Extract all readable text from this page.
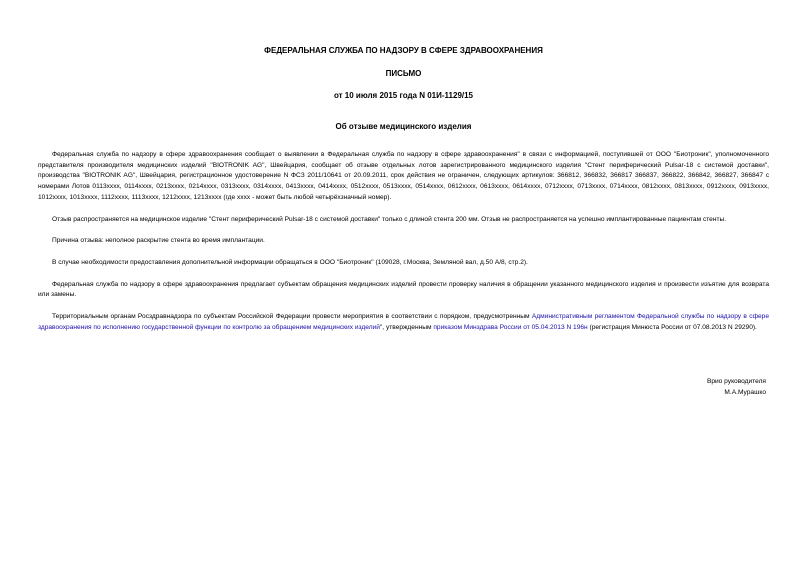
ФЕДЕРАЛЬНАЯ СЛУЖБА ПО НАДЗОРУ В СФЕРЕ ЗДРАВООХРАНЕНИЯ
ПИСЬМО
от 10 июля 2015 года N 01И-1129/15
Об отзыве медицинского изделия

Федеральная служба по надзору в сфере здравоохранения сообщает о выявлении в Федеральная служба по надзору в сфере здравоохранения" в связи с информацией, поступившей от ООО "Биотроник", уполномоченного представителя производителя медицинских изделий "BIOTRONIK AG", Швейцария, сообщает об отзыве отдельных лотов зарегистрированного медицинского изделия "Стент периферический Pulsar-18 с системой доставки", производства "BIOTRONIK AG", Швейцария, регистрационное удостоверение N ФСЗ 2011/10641 от 20.09.2011, срок действия не ограничен, следующих артикулов: 366812, 366832, 366817 366837, 366822, 366842, 366827, 366847 с номерами Лотов 0113xxxx, 0114xxxx, 0213xxxx, 0214xxxx, 0313xxxx, 0314xxxx, 0413xxxx, 0414xxxx, 0512xxxx, 0513xxxx, 0514xxxx, 0612xxxx, 0613xxxx, 0614xxxx, 0712xxxx, 0713xxxx, 0714xxxx, 0812xxxx, 0813xxxx, 0912xxxx, 0913xxxx, 1012xxxx, 1013xxxx, 1112xxxx, 1113xxxx, 1212xxxx, 1213xxxx (где xxxx - может быть любой четырёхзначный номер).

Отзыв распространяется на медицинское изделие "Стент периферический Pulsar-18 с системой доставки" только с длиной стента 200 мм. Отзыв не распространяется на успешно имплантированные пациентам стенты.

Причина отзыва: неполное раскрытие стента во время имплантации.

В случае необходимости предоставления дополнительной информации обращаться в ООО "Биотроник" (109028, г.Москва, Земляной вал, д.50 А/8, стр.2).

Федеральная служба по надзору в сфере здравоохранения предлагает субъектам обращения медицинских изделий провести проверку наличия в обращении указанного медицинского изделия и произвести изъятие для возврата или замены.

Территориальным органам Росздравнадзора по субъектам Российской Федерации провести мероприятия в соответствии с порядком, предусмотренным Административным регламентом Федеральной службы по надзору в сфере здравоохранения по исполнению государственной функции по контролю за обращением медицинских изделий", утвержденным приказом Минздрава России от 05.04.2013 N 196н (регистрация Минюста России от 07.08.2013 N 29290).

Врио руководителя
М.А.Мурашко
